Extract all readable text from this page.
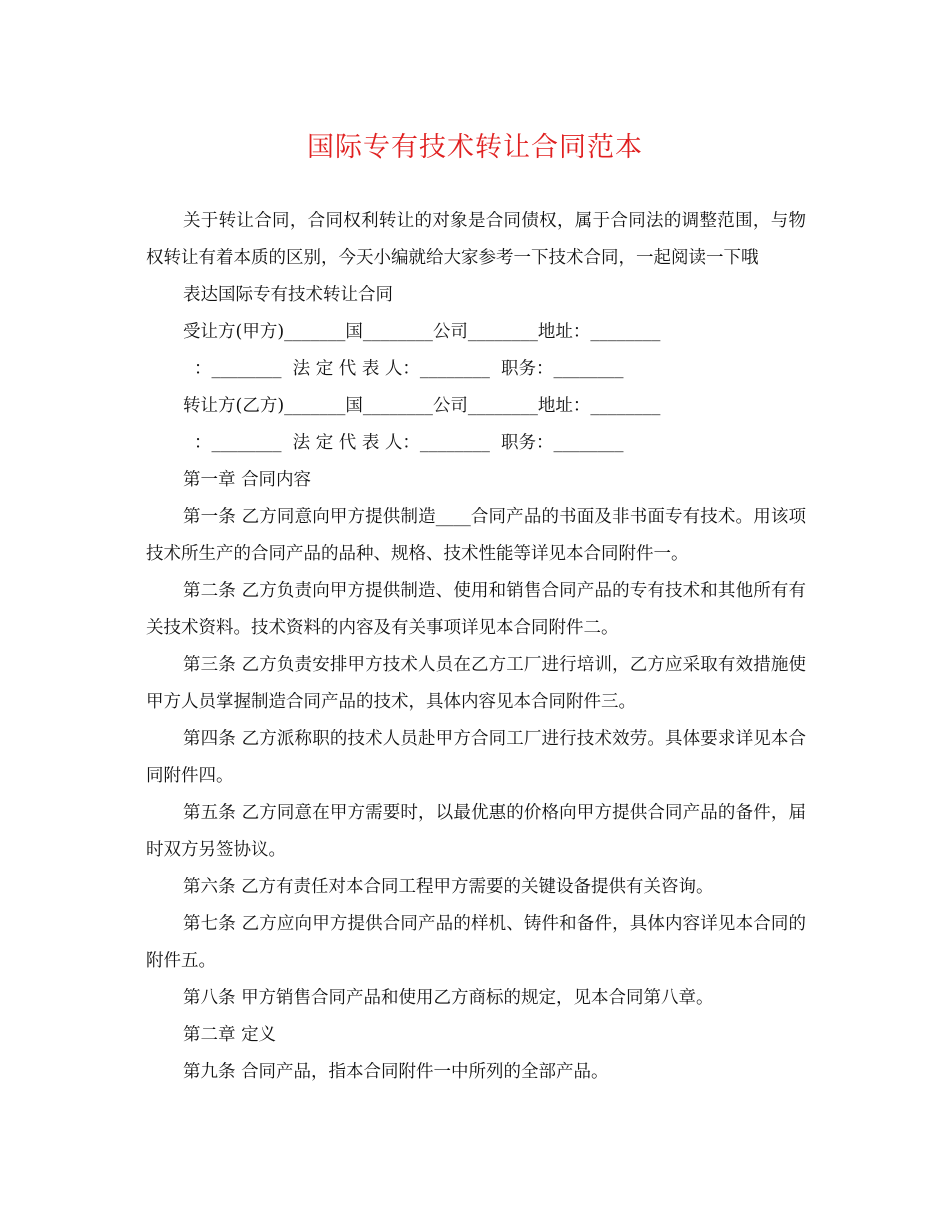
国际专有技术转让合同范本

关于转让合同，合同权利转让的对象是合同债权，属于合同法的调整范围，与物权转让有着本质的区别，今天小编就给大家参考一下技术合同，一起阅读一下哦

表达国际专有技术转让合同

受让方(甲方)_______国________公司________地址：________

：________  法 定 代 表 人：________  职务：________

转让方(乙方)_______国________公司________地址：________

：________  法 定 代 表 人：________  职务：________

第一章 合同内容

第一条 乙方同意向甲方提供制造____合同产品的书面及非书面专有技术。用该项技术所生产的合同产品的品种、规格、技术性能等详见本合同附件一。

第二条 乙方负责向甲方提供制造、使用和销售合同产品的专有技术和其他所有有关技术资料。技术资料的内容及有关事项详见本合同附件二。

第三条 乙方负责安排甲方技术人员在乙方工厂进行培训，乙方应采取有效措施使甲方人员掌握制造合同产品的技术，具体内容见本合同附件三。

第四条 乙方派称职的技术人员赴甲方合同工厂进行技术效劳。具体要求详见本合同附件四。

第五条 乙方同意在甲方需要时，以最优惠的价格向甲方提供合同产品的备件，届时双方另签协议。

第六条 乙方有责任对本合同工程甲方需要的关键设备提供有关咨询。

第七条 乙方应向甲方提供合同产品的样机、铸件和备件，具体内容详见本合同的附件五。

第八条 甲方销售合同产品和使用乙方商标的规定，见本合同第八章。

第二章 定义

第九条 合同产品，指本合同附件一中所列的全部产品。
